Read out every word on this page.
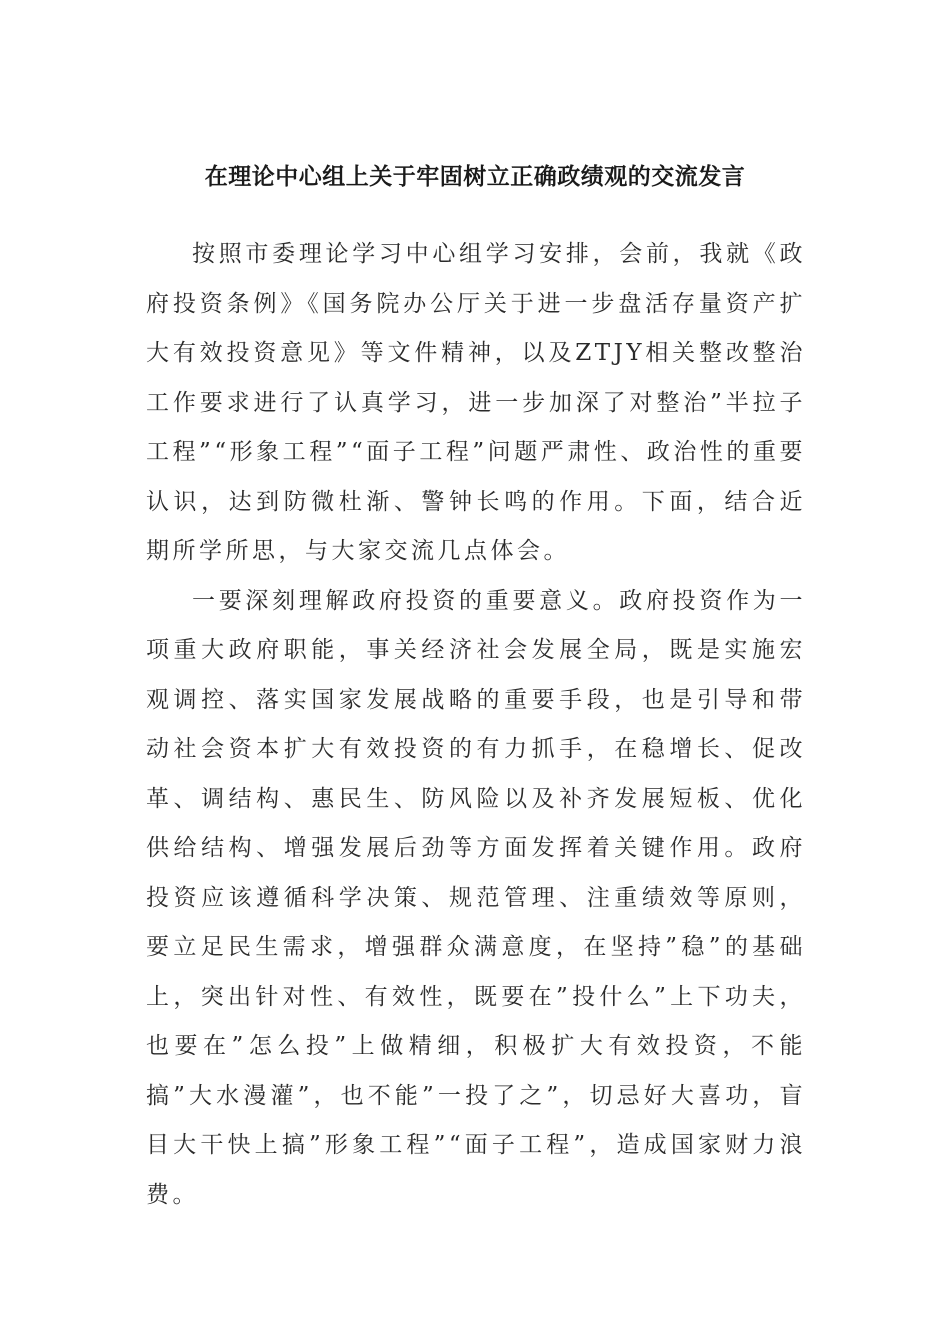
在理论中心组上关于牢固树立正确政绩观的交流发言

按照市委理论学习中心组学习安排，会前，我就《政府投资条例》《国务院办公厅关于进一步盘活存量资产扩大有效投资意见》等文件精神，以及ZTJY相关整改整治工作要求进行了认真学习，进一步加深了对整治”半拉子工程”“形象工程”“面子工程”问题严肃性、政治性的重要认识，达到防微杜渐、警钟长鸣的作用。下面，结合近期所学所思，与大家交流几点体会。

一要深刻理解政府投资的重要意义。政府投资作为一项重大政府职能，事关经济社会发展全局，既是实施宏观调控、落实国家发展战略的重要手段，也是引导和带动社会资本扩大有效投资的有力抓手，在稳增长、促改革、调结构、惠民生、防风险以及补齐发展短板、优化供给结构、增强发展后劲等方面发挥着关键作用。政府投资应该遵循科学决策、规范管理、注重绩效等原则，要立足民生需求，增强群众满意度，在坚持”稳”的基础上，突出针对性、有效性，既要在”投什么”上下功夫，也要在”怎么投”上做精细，积极扩大有效投资，不能搞”大水漫灌”，也不能”一投了之”，切忌好大喜功，盲目大干快上搞”形象工程”“面子工程”，造成国家财力浪费。
